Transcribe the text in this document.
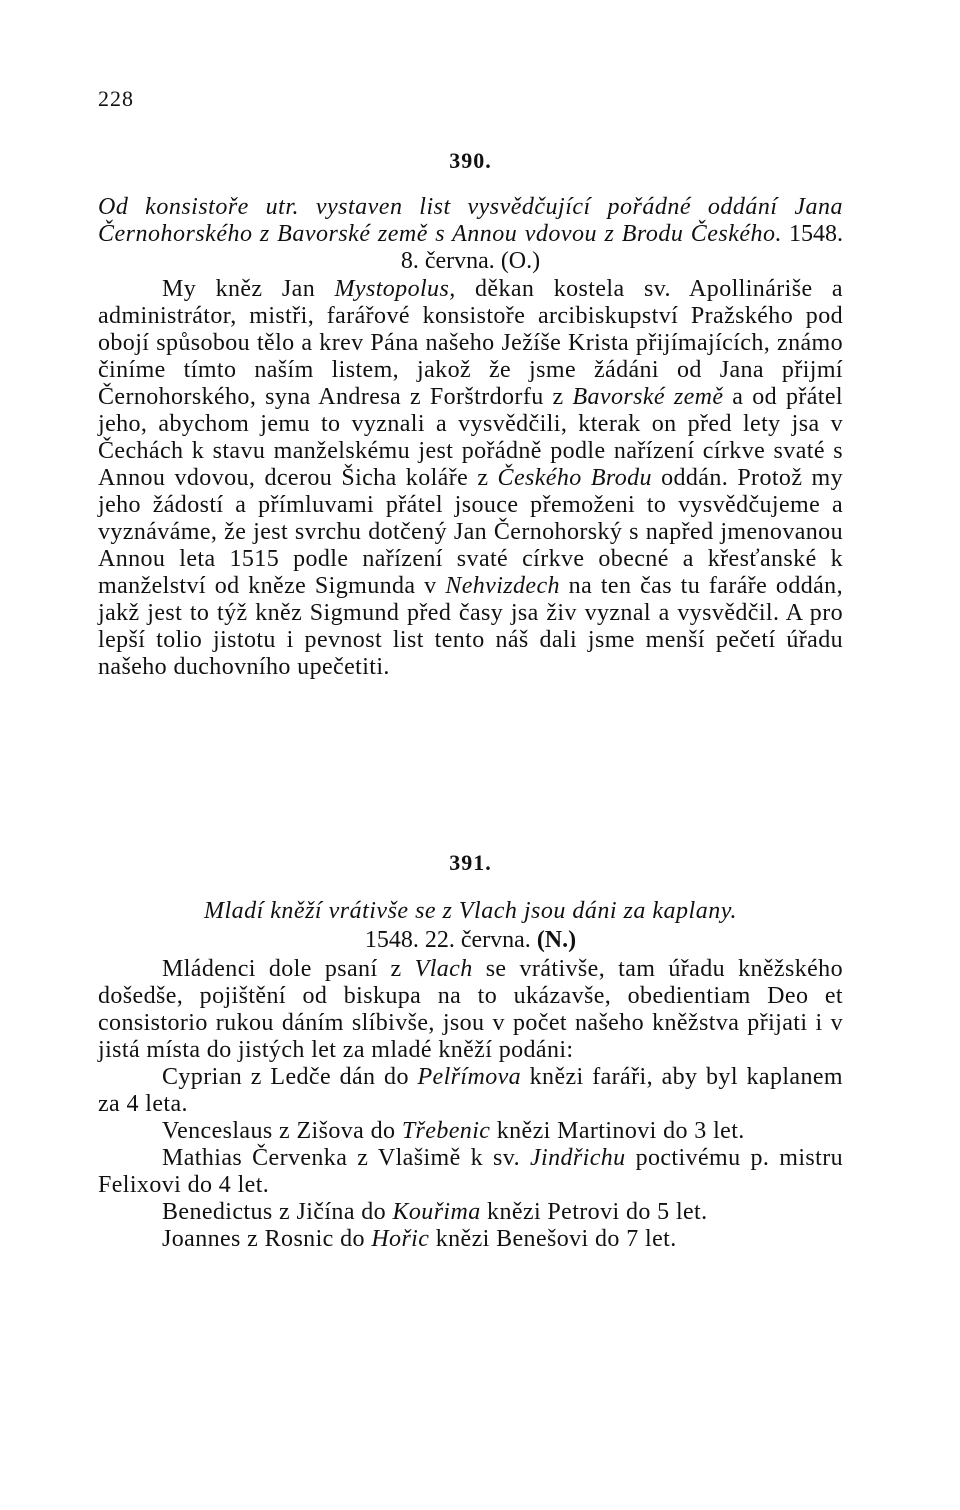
228
390.
Od konsistoře utr. vystaven list vysvědčující pořádné oddání Jana Černohorského z Bavorské země s Annou vdovou z Brodu Českého. 1548. 8. června. (O.)

My kněz Jan Mystopolus, děkan kostela sv. Apollináriše a administrátor, mistři, farářové konsistoře arcibiskupství Pražského pod obojí spůsobou tělo a krev Pána našeho Ježíše Krista přijímajících, známo činíme tímto naším listem, jakož že jsme žádáni od Jana přijmí Černohorského, syna Andresa z Forštrdorfu z Bavorské země a od přátel jeho, abychom jemu to vyznali a vysvědčili, kterak on před lety jsa v Čechách k stavu manželskému jest pořádně podle nařízení církve svaté s Annou vdovou, dcerou Šicha koláře z Českého Brodu oddán. Protož my jeho žádostí a přímluvami přátel jsouce přemoženi to vysvědčujeme a vyznáváme, že jest svrchu dotčený Jan Černohorský s napřed jmenovanou Annou leta 1515 podle nařízení svaté církve obecné a křesťanské k manželství od kněze Sigmunda v Nehvizdech na ten čas tu faráře oddán, jakž jest to týž kněz Sigmund před časy jsa živ vyznal a vysvědčil. A pro lepší tolio jistotu i pevnost list tento náš dali jsme menší pečetí úřadu našeho duchovního upečetiti.

391.
Mladí kněží vrátivše se z Vlach jsou dáni za kaplany.
1548. 22. června. (N.)

Mládenci dole psaní z Vlach se vrátivše, tam úřadu kněžského došedše, pojištění od biskupa na to ukázavše, obedientiam Deo et consistorio rukou dáním slíbivše, jsou v počet našeho kněžstva přijati i v jistá místa do jistých let za mladé kněží podáni:

Cyprian z Ledče dán do Pelřímova knězi faráři, aby byl kaplanem za 4 leta.

Venceslaus z Zišova do Třebenic knězi Martinovi do 3 let.

Mathias Červenka z Vlašimě k sv. Jindřichu poctivému p. mistru Felixovi do 4 let.

Benedictus z Jičína do Kouřima knězi Petrovi do 5 let.

Joannes z Rosnic do Hořic knězi Benešovi do 7 let.
